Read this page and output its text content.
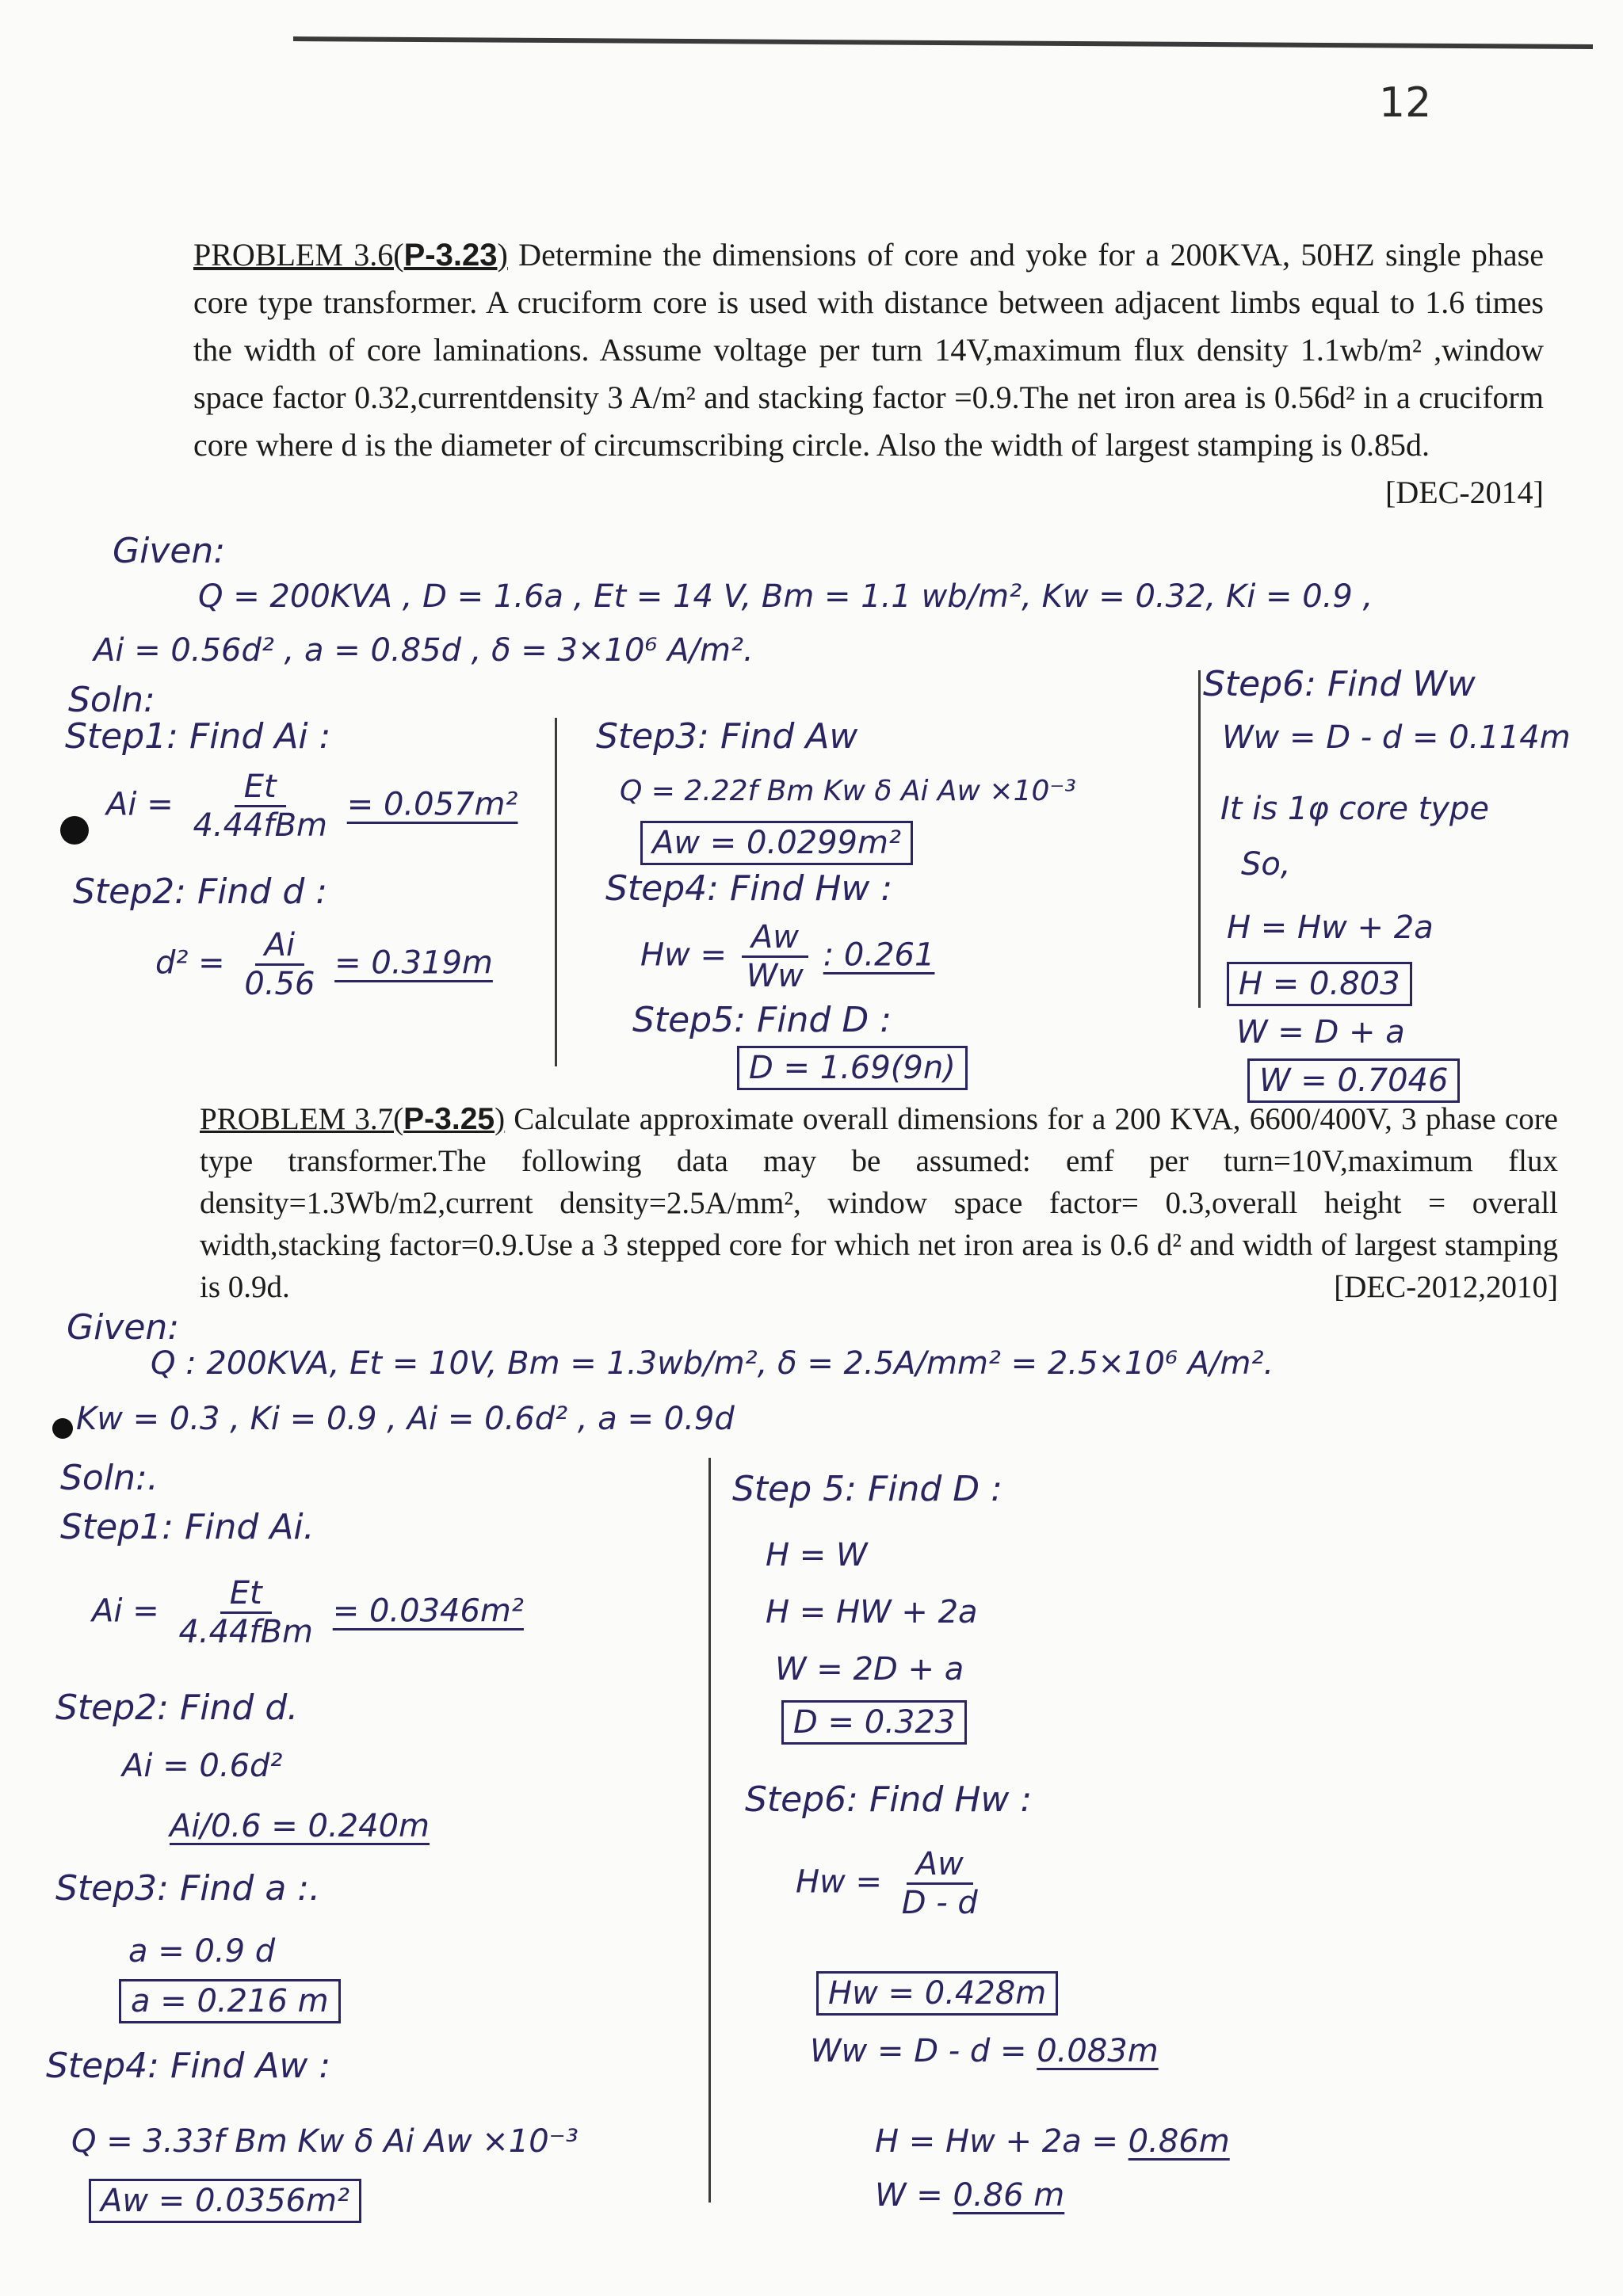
12
PROBLEM 3.6(P-3.23) Determine the dimensions of core and yoke for a 200KVA, 50HZ single phase core type transformer. A cruciform core is used with distance between adjacent limbs equal to 1.6 times the width of core laminations. Assume voltage per turn 14V,maximum flux density 1.1wb/m² ,window space factor 0.32,currentdensity 3 A/m² and stacking factor =0.9.The net iron area is 0.56d² in a cruciform core where d is the diameter of circumscribing circle. Also the width of largest stamping is 0.85d.
[DEC-2014]
Given:
Q = 200KVA , D = 1.6a , Et = 14 V, Bm = 1.1 wb/m², Kw = 0.32, Ki = 0.9 ,
Ai = 0.56d² , a = 0.85d , δ = 3×10⁶ A/m².
Soln:
Step1: Find Ai :
$Ai = \frac{Et}{\text{4.44fBm}} = 0.057m^2$
Step2: Find d :
$d^2 = \frac{Ai}{0.56} = 0.319m$
Step3: Find Aw
Q = 2.22f Bm Kw δ Ai Aw ×10⁻³
Aw = 0.0299m²
Step4: Find Hw :
$Hw = \frac{Aw}{Ww}$ : 0.261
Step5: Find D :
D = 1.69(9n)
Step6: Find Ww
Ww = D - d = 0.114m
It is 1φ core type
So,
H = Hw + 2a
H = 0.803
W = D + a
W = 0.7046
PROBLEM 3.7(P-3.25) Calculate approximate overall dimensions for a 200 KVA, 6600/400V, 3 phase core type transformer.The following data may be assumed: emf per turn=10V,maximum flux density=1.3Wb/m2,current density=2.5A/mm², window space factor= 0.3,overall height = overall width,stacking factor=0.9.Use a 3 stepped core for which net iron area is 0.6 d² and width of largest stamping is 0.9d.	[DEC-2012,2010]
Given:
Q : 200KVA, Et = 10V, Bm = 1.3wb/m², δ = 2.5A/mm² = 2.5×10⁶ A/m².
Kw = 0.3 , Ki = 0.9 , Ai = 0.6d² , a = 0.9d
Soln:.
Step1: Find Ai.
$Ai = \frac{Et}{\text{4.44fBm}} = 0.0346m^2$
Step2: Find d.
Ai = 0.6d²
Ai/0.6 = 0.240m
Step3: Find a :.
a = 0.9 d
a = 0.216 m
Step4: Find Aw :
Q = 3.33f Bm Kw δ Ai Aw ×10⁻³
Aw = 0.0356m²
Step 5: Find D :
H = W
H = HW + 2a
W = 2D + a
D = 0.323
Step6: Find Hw :
$Hw = \frac{Aw}{D - d}$
Hw = 0.428m
Ww = D - d = 0.083m
H = Hw + 2a = 0.86m
W = 0.86 m
